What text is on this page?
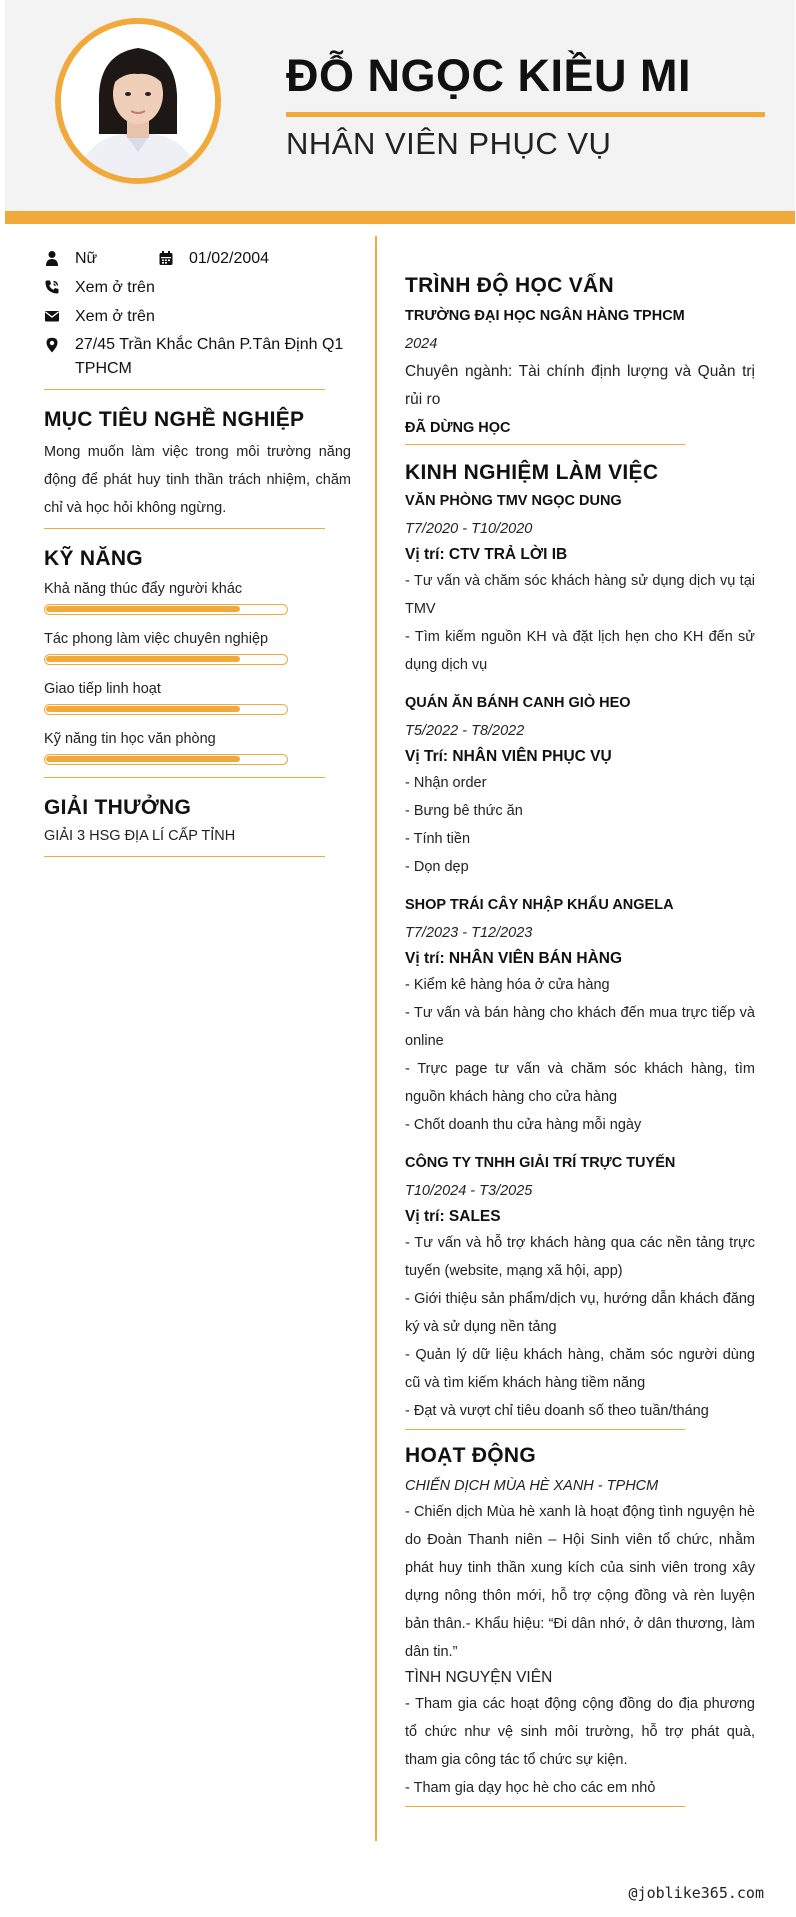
ĐỖ NGỌC KIỀU MI
NHÂN VIÊN PHỤC VỤ
Nữ	01/02/2004
Xem ở trên
Xem ở trên
27/45 Trần Khắc Chân P.Tân Định Q1 TPHCM
MỤC TIÊU NGHỀ NGHIỆP
Mong muốn làm việc trong môi trường năng động để phát huy tinh thần trách nhiệm, chăm chỉ và học hỏi không ngừng.
KỸ NĂNG
Khả năng thúc đẩy người khác
Tác phong làm việc chuyên nghiệp
Giao tiếp linh hoạt
Kỹ năng tin học văn phòng
GIẢI THƯỞNG
GIẢI 3 HSG ĐỊA LÍ CẤP TỈNH
TRÌNH ĐỘ HỌC VẤN
TRƯỜNG ĐẠI HỌC NGÂN HÀNG TPHCM
2024
Chuyên ngành: Tài chính định lượng và Quản trị rủi ro
ĐÃ DỪNG HỌC
KINH NGHIỆM LÀM VIỆC
VĂN PHÒNG TMV NGỌC DUNG
T7/2020 - T10/2020
Vị trí: CTV TRẢ LỜI IB
- Tư vấn và chăm sóc khách hàng sử dụng dịch vụ tại TMV
- Tìm kiếm nguồn KH và đặt lịch hẹn cho KH đến sử dụng dịch vụ
QUÁN ĂN BÁNH CANH GIÒ HEO
T5/2022 - T8/2022
Vị Trí: NHÂN VIÊN PHỤC VỤ
- Nhận order
- Bưng bê thức ăn
- Tính tiền
- Dọn dẹp
SHOP TRÁI CÂY NHẬP KHẨU ANGELA
T7/2023 - T12/2023
Vị trí: NHÂN VIÊN BÁN HÀNG
- Kiểm kê hàng hóa ở cửa hàng
- Tư vấn và bán hàng cho khách đến mua trực tiếp và online
- Trực page tư vấn và chăm sóc khách hàng, tìm nguồn khách hàng cho cửa hàng
- Chốt doanh thu cửa hàng mỗi ngày
CÔNG TY TNHH GIẢI TRÍ TRỰC TUYẾN
T10/2024 - T3/2025
Vị trí: SALES
- Tư vấn và hỗ trợ khách hàng qua các nền tảng trực tuyến (website, mạng xã hội, app)
- Giới thiệu sản phẩm/dịch vụ, hướng dẫn khách đăng ký và sử dụng nền tảng
- Quản lý dữ liệu khách hàng, chăm sóc người dùng cũ và tìm kiếm khách hàng tiềm năng
- Đạt và vượt chỉ tiêu doanh số theo tuần/tháng
HOẠT ĐỘNG
CHIẾN DỊCH MÙA HÈ XANH - TPHCM
- Chiến dịch Mùa hè xanh là hoạt động tình nguyện hè do Đoàn Thanh niên – Hội Sinh viên tổ chức, nhằm phát huy tinh thần xung kích của sinh viên trong xây dựng nông thôn mới, hỗ trợ cộng đồng và rèn luyện bản thân.- Khẩu hiệu: “Đi dân nhớ, ở dân thương, làm dân tin.”
TÌNH NGUYỆN VIÊN
- Tham gia các hoạt động cộng đồng do địa phương tổ chức như vệ sinh môi trường, hỗ trợ phát quà, tham gia công tác tổ chức sự kiện.
- Tham gia dạy học hè cho các em nhỏ
@joblike365.com
